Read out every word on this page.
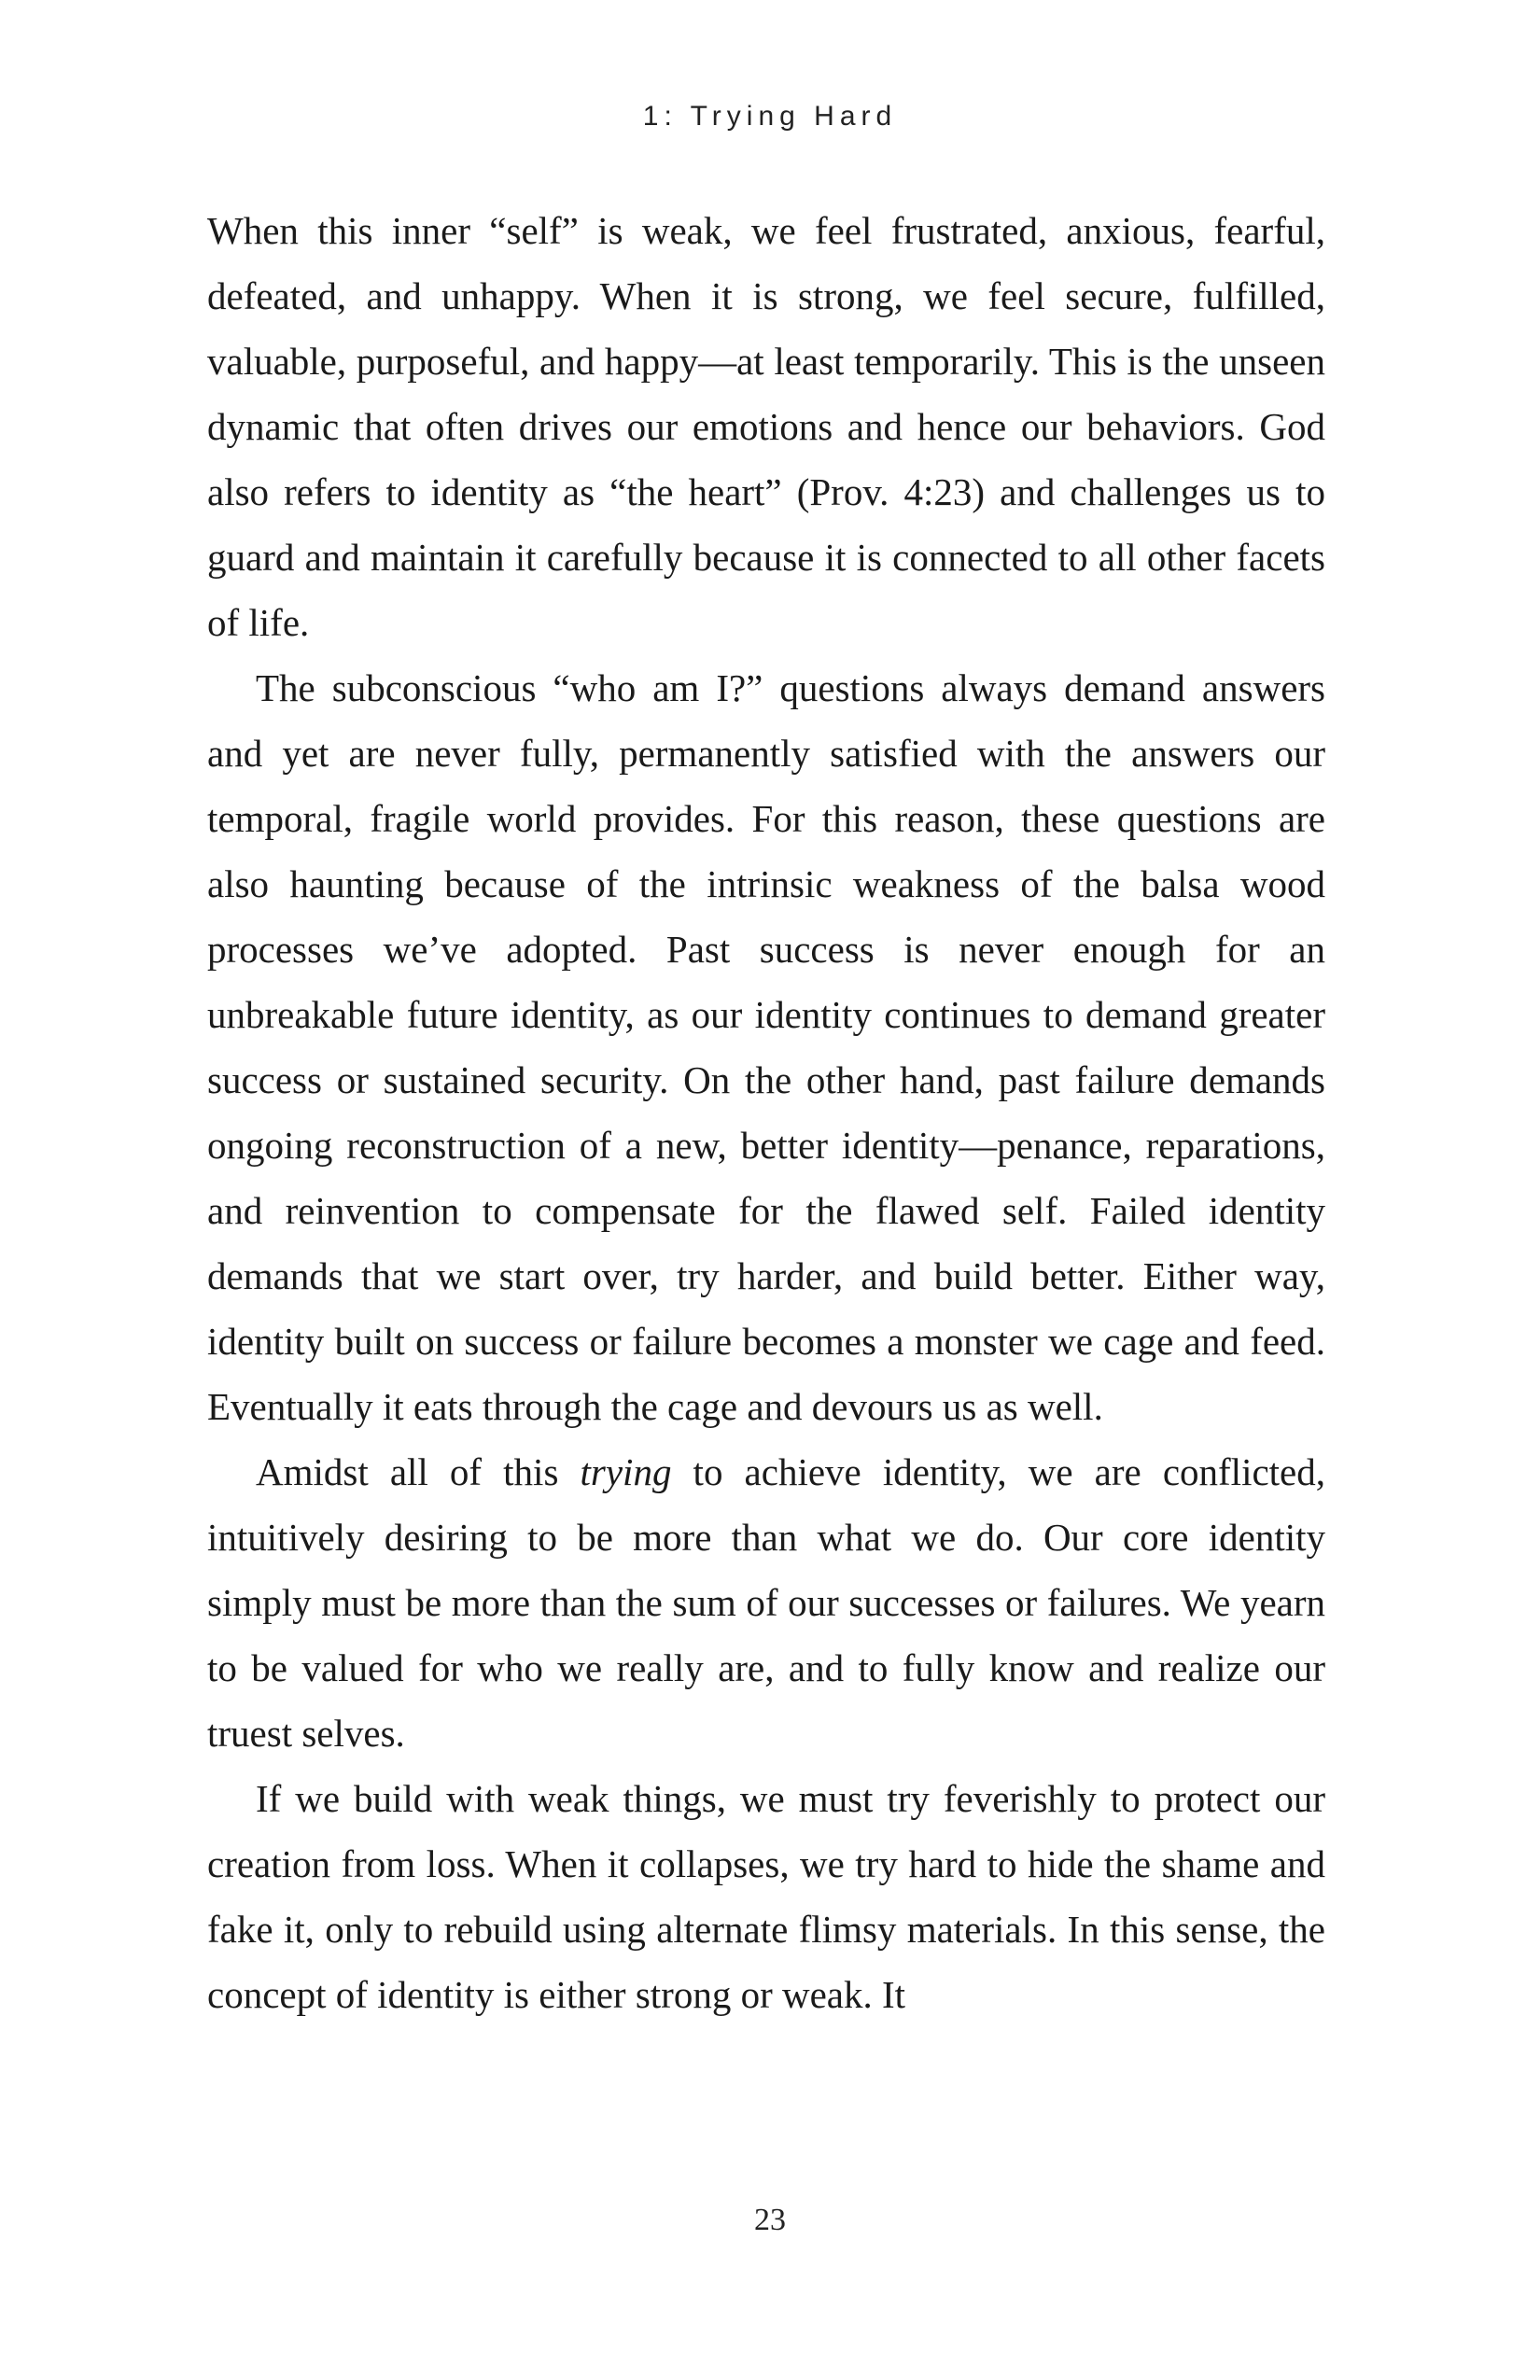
1: Trying Hard

When this inner “self” is weak, we feel frustrated, anxious, fearful, defeated, and unhappy. When it is strong, we feel secure, fulfilled, valuable, purposeful, and happy—at least temporarily. This is the unseen dynamic that often drives our emotions and hence our behaviors. God also refers to identity as “the heart” (Prov. 4:23) and challenges us to guard and maintain it carefully because it is connected to all other facets of life.

The subconscious “who am I?” questions always demand answers and yet are never fully, permanently satisfied with the answers our temporal, fragile world provides. For this reason, these questions are also haunting because of the intrinsic weakness of the balsa wood processes we’ve adopted. Past success is never enough for an unbreakable future identity, as our identity continues to demand greater success or sustained security. On the other hand, past failure demands ongoing reconstruction of a new, better identity—penance, reparations, and reinvention to compensate for the flawed self. Failed identity demands that we start over, try harder, and build better. Either way, identity built on success or failure becomes a monster we cage and feed. Eventually it eats through the cage and devours us as well.

Amidst all of this trying to achieve identity, we are conflicted, intuitively desiring to be more than what we do. Our core identity simply must be more than the sum of our successes or failures. We yearn to be valued for who we really are, and to fully know and realize our truest selves.

If we build with weak things, we must try feverishly to protect our creation from loss. When it collapses, we try hard to hide the shame and fake it, only to rebuild using alternate flimsy materials. In this sense, the concept of identity is either strong or weak. It

23
